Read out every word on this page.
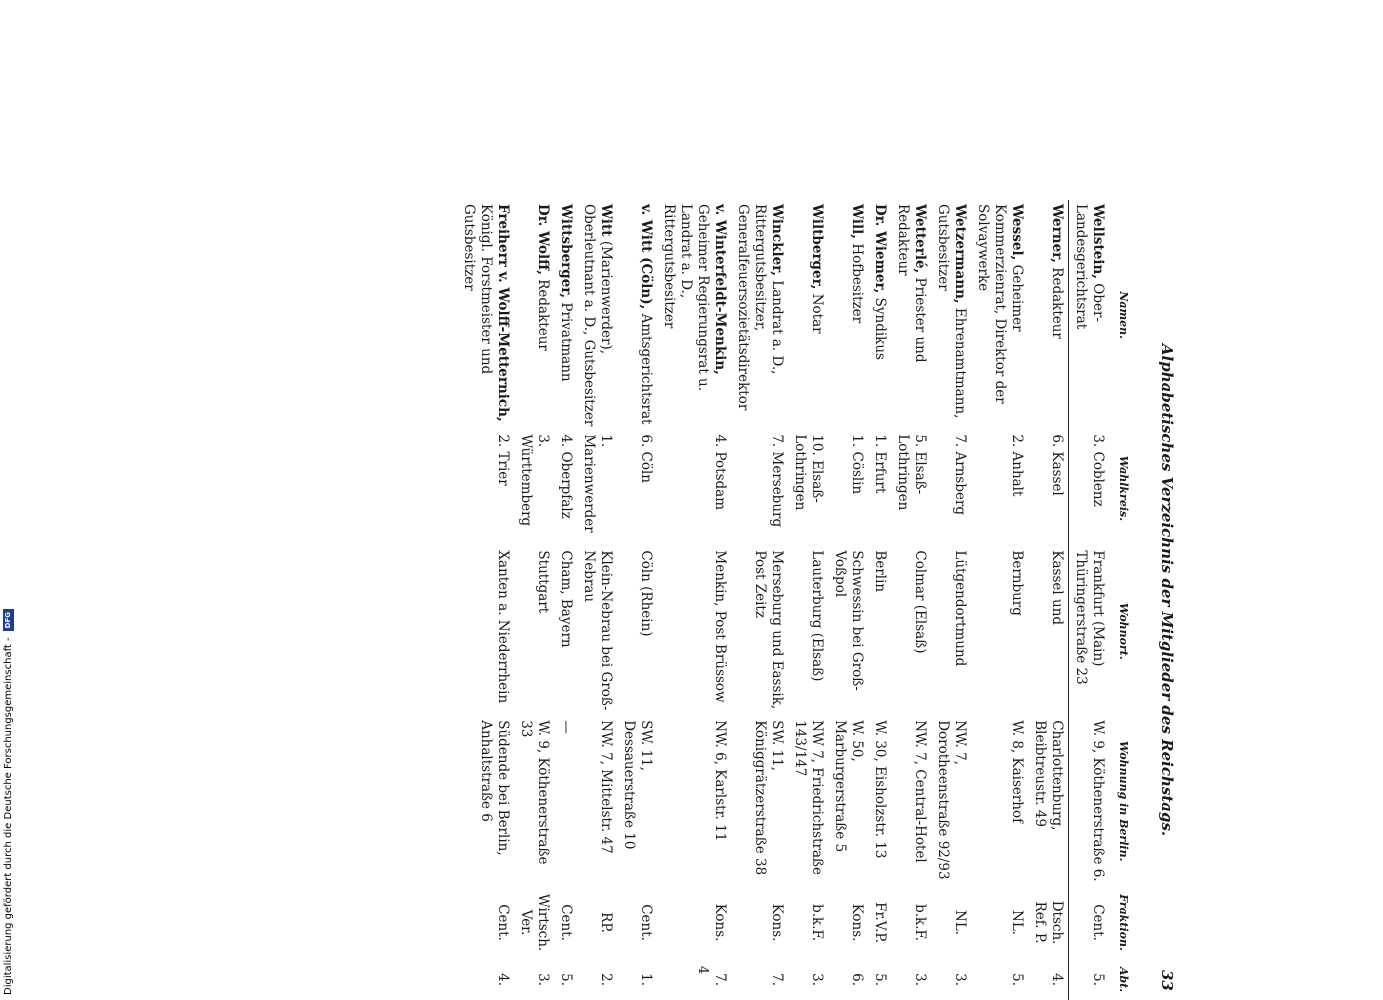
Alphabetisches Verzeichnis der Mitglieder des Reichstags.
33
Namen.	Wahlkreis.	Wohnort.	Wohnung in Berlin.	Fraktion.	Abt.
Wellstein, Ober-Landesgerichtsrat	3. Coblenz	Frankfurt (Main) Thüringerstraße 23	W. 9, Köthenerstraße 6.	Cent.	5.
Werner, Redakteur	6. Kassel	Kassel und	Charlottenburg, Bleibtreustr. 49	Dtsch. Ref. P.	4.
Wessel, Geheimer Kommerzienrat, Direktor der Solvaywerke	2. Anhalt	Bernburg	W. 8, Kaiserhof	NL.	5.
Wetzermann, Ehrenamtmann, Gutsbesitzer	7. Arnsberg	Lütgendortmund	NW. 7, Dorotheenstraße 92/93	NL.	3.
Wetterlé, Priester und Redakteur	5. Elsaß-Lothringen	Colmar (Elsaß)	NW. 7, Central-Hotel	b.k.F.	3.
Dr. Wiemer, Syndikus	1. Erfurt	Berlin	W. 30, Eisholzstr. 13	Fr.V.P.	5.
Will, Hofbesitzer	1. Cöslin	Schwessin bei Groß-Voßpol	W. 50, Marburgerstraße 5	Kons.	6.
Wiltberger, Notar	10. Elsaß-Lothringen	Lauterburg (Elsaß)	NW 7, Friedrichstraße 143/147	b.k.F.	3.
Winckler, Landrat a. D., Rittergutsbesitzer, Generalfeuersozietätsdirektor	7. Merseburg	Merseburg und Eassik, Post Zeitz	SW. 11, Königgrätzerstraße 38	Kons.	7.
v. Winterfeldt-Menkin, Geheimer Regierungsrat u. Landrat a. D., Rittergutsbesitzer	4. Potsdam	Menkin, Post Brüssow	NW. 6, Karlstr. 11	Kons.	7.
v. Witt (Cöln), Amtsgerichtsrat	6. Cöln	Cöln (Rhein)	SW. 11, Dessauerstraße 10	Cent.	1.
Witt (Marienwerder), Oberleutnant a. D., Gutsbesitzer	1. Marienwerder	Klein-Nebrau bei Groß-Nebrau	NW. 7, Mittelstr. 47	RP.	2.
Wittsberger, Privatmann	4. Oberpfalz	Cham, Bayern	—	Cent.	5.
Dr. Wolff, Redakteur	3. Württemberg	Stuttgart	W. 9, Köthenerstraße 33	Wirtsch. Ver.	3.
Freiherr v. Wolff-Metternich, Königl. Forstmeister und Gutsbesitzer	2. Trier	Xanten a. Niederrhein	Südende bei Berlin, Anhaltstraße 6	Cent.	4.
4
Digitalisierung gefördert durch die Deutsche Forschungsgemeinschaft - DFG
